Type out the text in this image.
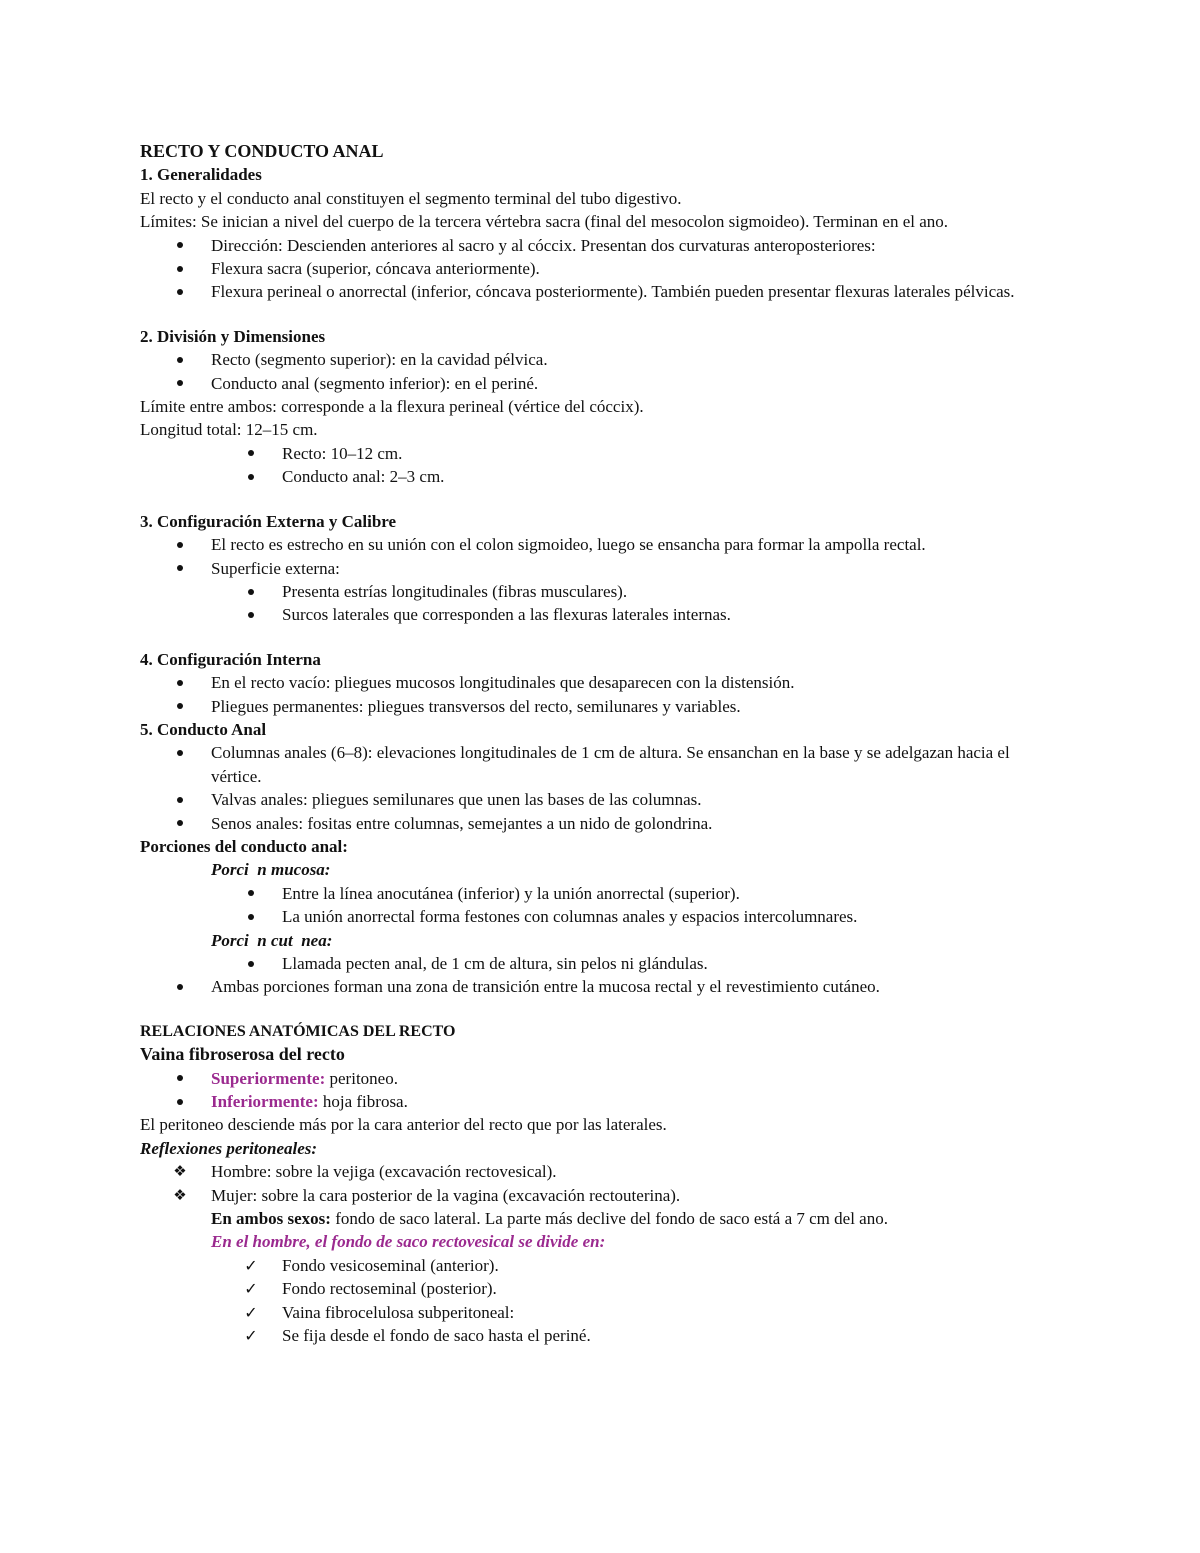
RECTO Y CONDUCTO ANAL
1. Generalidades
El recto y el conducto anal constituyen el segmento terminal del tubo digestivo.
Límites: Se inician a nivel del cuerpo de la tercera vértebra sacra (final del mesocolon sigmoideo). Terminan en el ano.
Dirección: Descienden anteriores al sacro y al cóccix. Presentan dos curvaturas anteroposteriores:
Flexura sacra (superior, cóncava anteriormente).
Flexura perineal o anorrectal (inferior, cóncava posteriormente). También pueden presentar flexuras laterales pélvicas.
2. División y Dimensiones
Recto (segmento superior): en la cavidad pélvica.
Conducto anal (segmento inferior): en el periné.
Límite entre ambos: corresponde a la flexura perineal (vértice del cóccix).
Longitud total: 12–15 cm.
Recto: 10–12 cm.
Conducto anal: 2–3 cm.
3. Configuración Externa y Calibre
El recto es estrecho en su unión con el colon sigmoideo, luego se ensancha para formar la ampolla rectal.
Superficie externa:
Presenta estrías longitudinales (fibras musculares).
Surcos laterales que corresponden a las flexuras laterales internas.
4. Configuración Interna
En el recto vacío: pliegues mucosos longitudinales que desaparecen con la distensión.
Pliegues permanentes: pliegues transversos del recto, semilunares y variables.
5. Conducto Anal
Columnas anales (6–8): elevaciones longitudinales de 1 cm de altura. Se ensanchan en la base y se adelgazan hacia el vértice.
Valvas anales: pliegues semilunares que unen las bases de las columnas.
Senos anales: fositas entre columnas, semejantes a un nido de golondrina.
Porciones del conducto anal:
Porci  n mucosa:
Entre la línea anocutánea (inferior) y la unión anorrectal (superior).
La unión anorrectal forma festones con columnas anales y espacios intercolumnares.
Porci  n cut  nea:
Llamada pecten anal, de 1 cm de altura, sin pelos ni glándulas.
Ambas porciones forman una zona de transición entre la mucosa rectal y el revestimiento cutáneo.
RELACIONES ANATÓMICAS DEL RECTO
Vaina fibroserosa del recto
Superiormente: peritoneo.
Inferiormente: hoja fibrosa.
El peritoneo desciende más por la cara anterior del recto que por las laterales.
Reflexiones peritoneales:
❖ Hombre: sobre la vejiga (excavación rectovesical).
❖ Mujer: sobre la cara posterior de la vagina (excavación rectouterina).
En ambos sexos: fondo de saco lateral. La parte más declive del fondo de saco está a 7 cm del ano.
En el hombre, el fondo de saco rectovesical se divide en:
✓ Fondo vesicoseminal (anterior).
✓ Fondo rectoseminal (posterior).
✓ Vaina fibrocelulosa subperitoneal:
✓ Se fija desde el fondo de saco hasta el periné.
